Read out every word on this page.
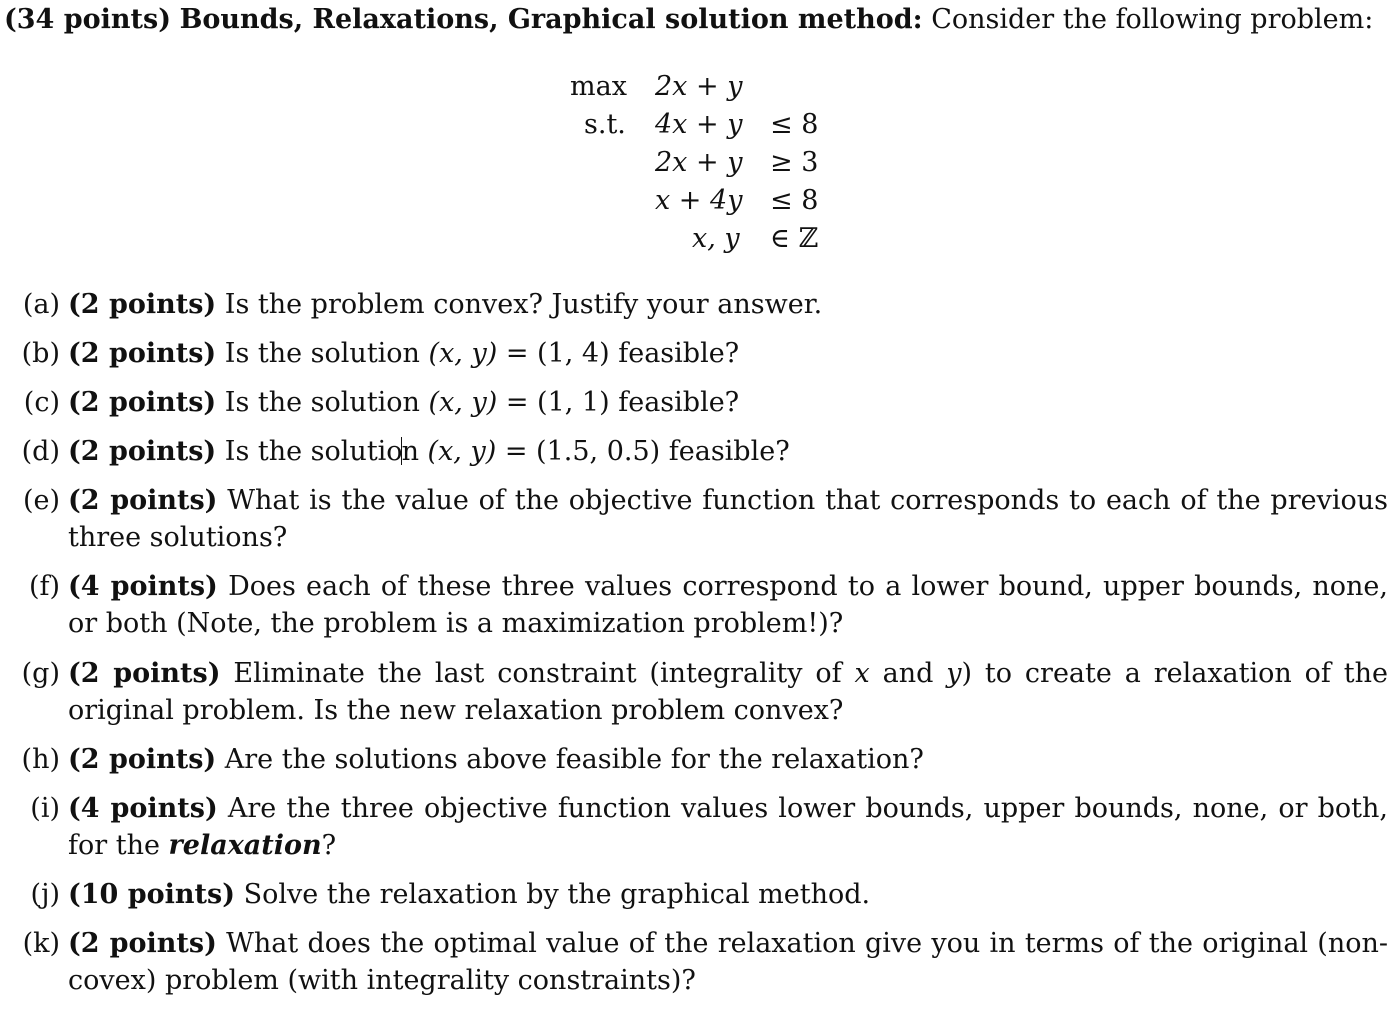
(34 points) Bounds, Relaxations, Graphical solution method: Consider the following problem:
max
s.t.
2x + y
4x + y ≤ 8
2x + y ≥ 3
x + 4y ≤ 8
x, y ∈ ℤ
(a) (2 points) Is the problem convex? Justify your answer.
(b) (2 points) Is the solution (x, y) = (1, 4) feasible?
(c) (2 points) Is the solution (x, y) = (1, 1) feasible?
(d) (2 points) Is the solution (x, y) = (1.5, 0.5) feasible?
(e) (2 points) What is the value of the objective function that corresponds to each of the previous three solutions?
(f) (4 points) Does each of these three values correspond to a lower bound, upper bounds, none, or both (Note, the problem is a maximization problem!)?
(g) (2 points) Eliminate the last constraint (integrality of x and y) to create a relaxation of the original problem. Is the new relaxation problem convex?
(h) (2 points) Are the solutions above feasible for the relaxation?
(i) (4 points) Are the three objective function values lower bounds, upper bounds, none, or both, for the relaxation?
(j) (10 points) Solve the relaxation by the graphical method.
(k) (2 points) What does the optimal value of the relaxation give you in terms of the original (non-covex) problem (with integrality constraints)?
